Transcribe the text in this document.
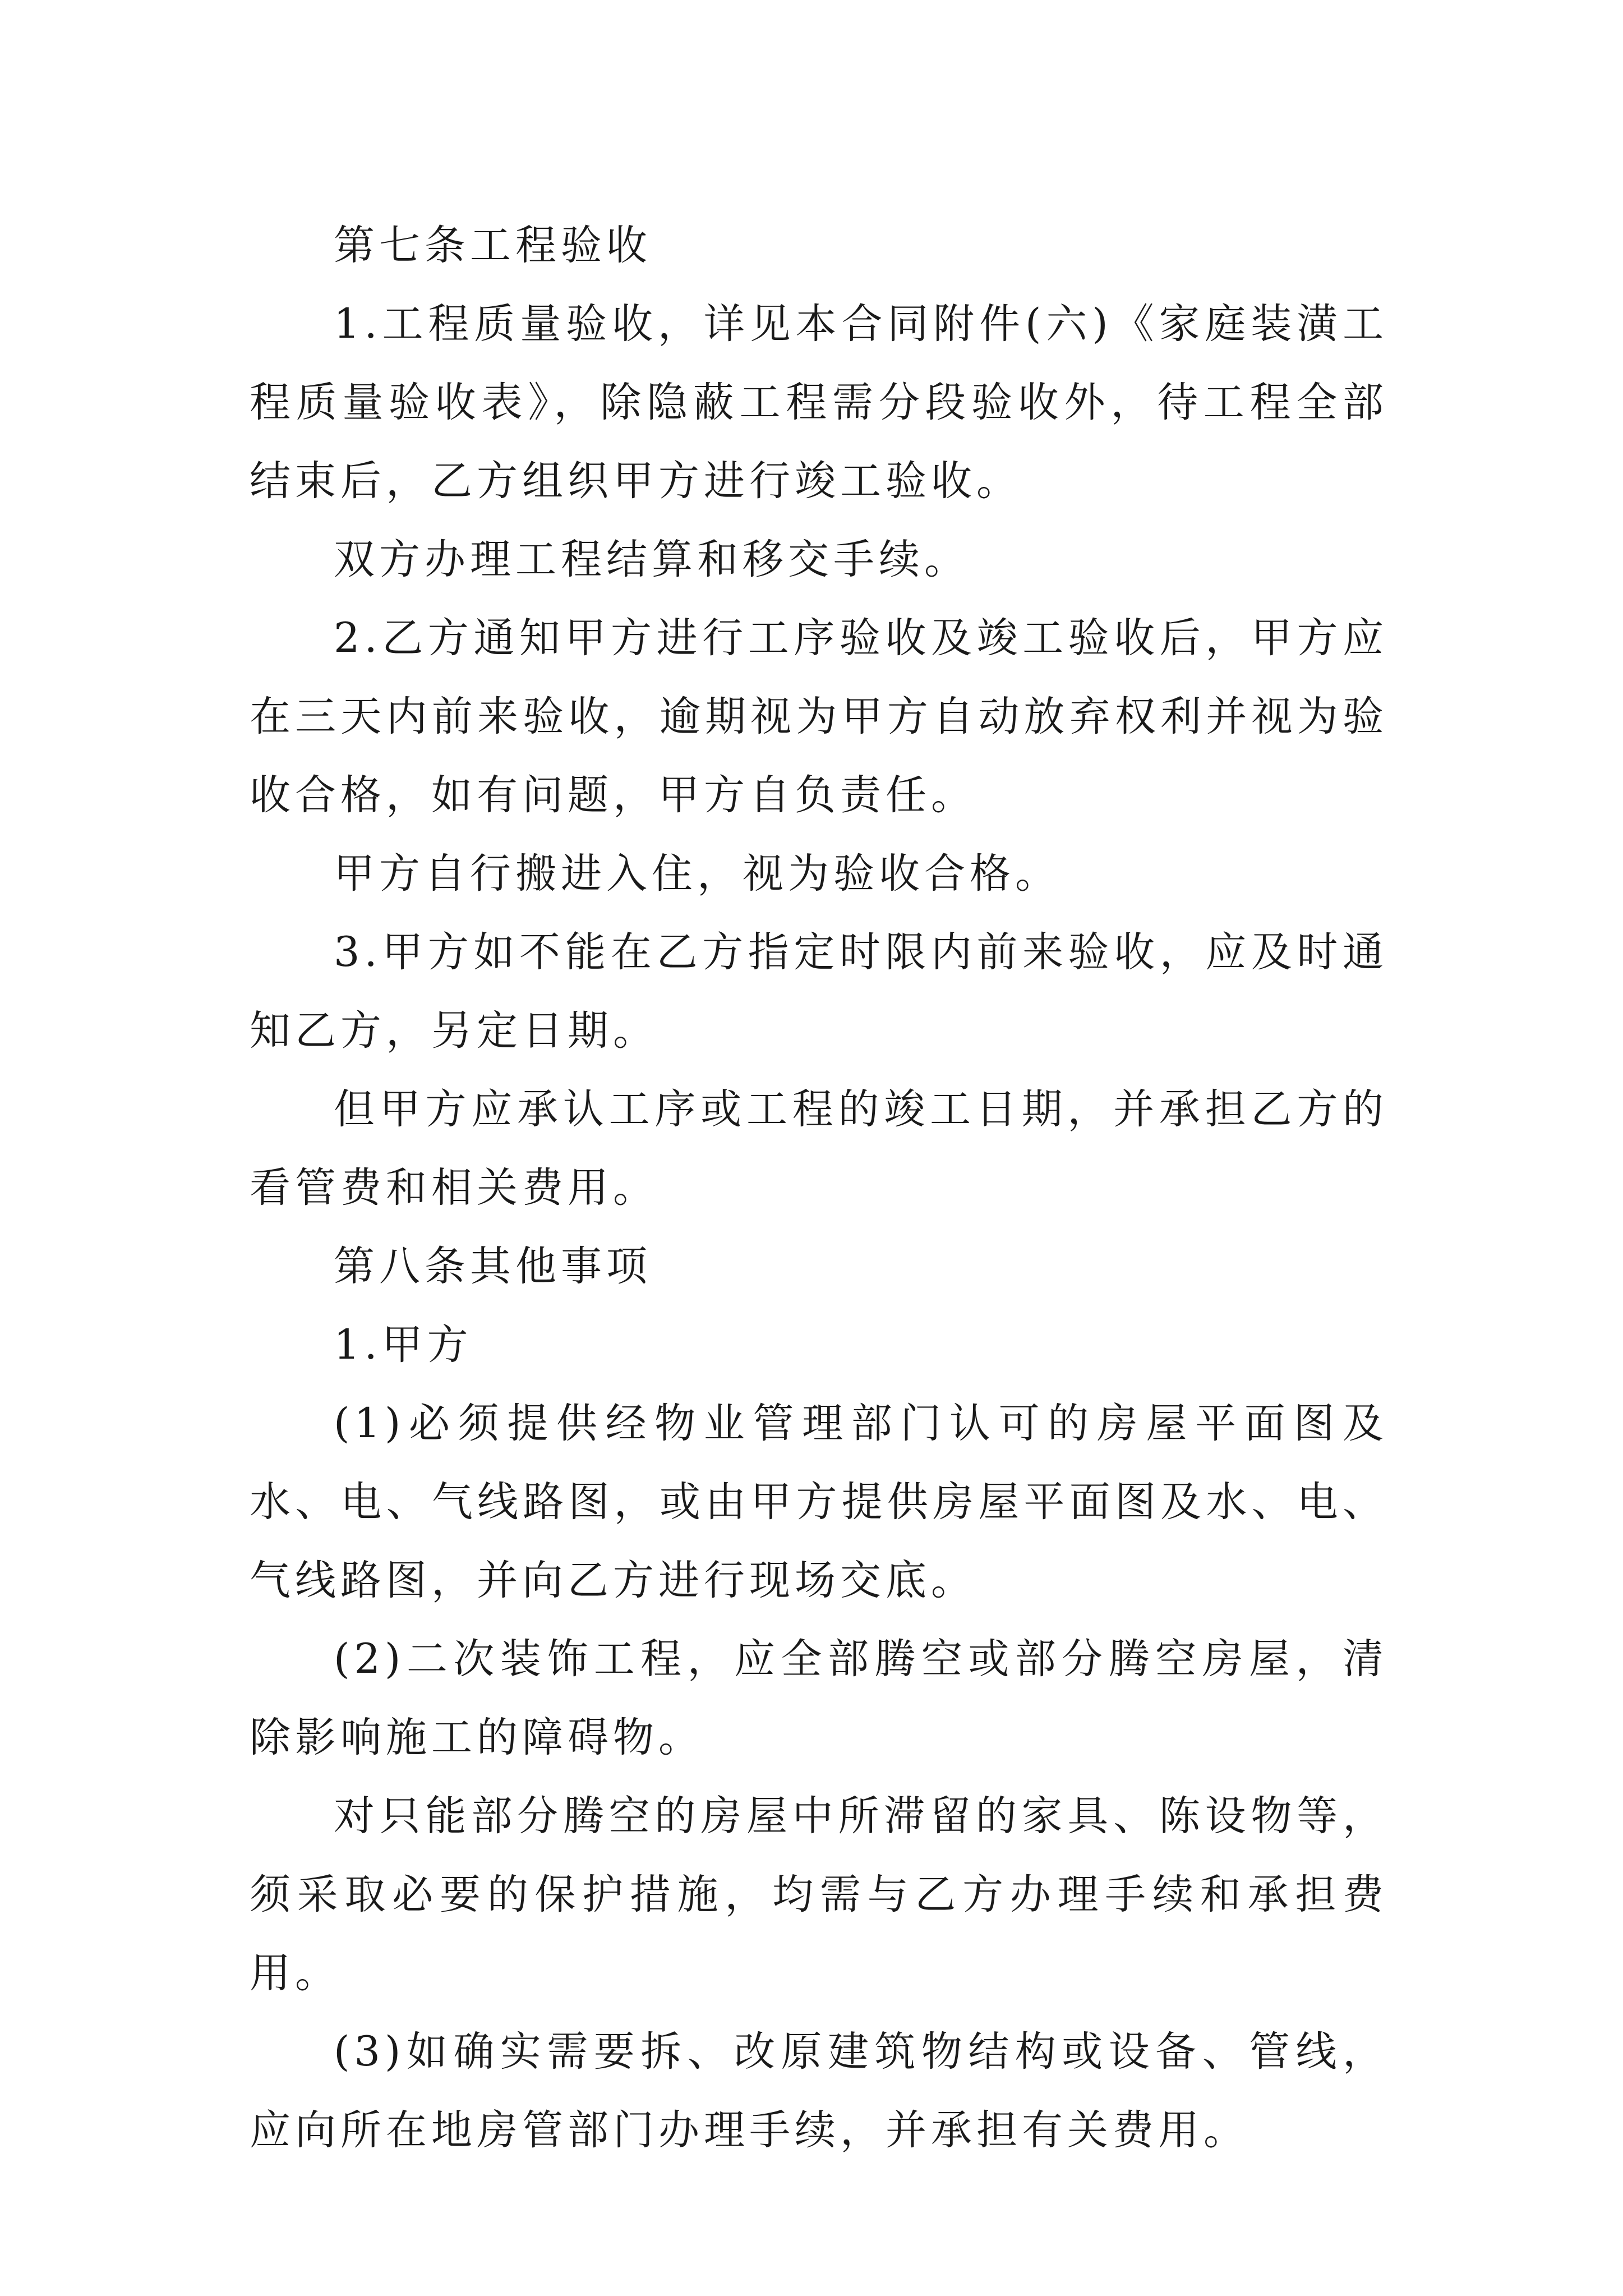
第七条工程验收

1.工程质量验收，详见本合同附件(六)《家庭装潢工程质量验收表》，除隐蔽工程需分段验收外，待工程全部结束后，乙方组织甲方进行竣工验收。

双方办理工程结算和移交手续。

2.乙方通知甲方进行工序验收及竣工验收后，甲方应在三天内前来验收，逾期视为甲方自动放弃权利并视为验收合格，如有问题，甲方自负责任。

甲方自行搬进入住，视为验收合格。

3.甲方如不能在乙方指定时限内前来验收，应及时通知乙方，另定日期。

但甲方应承认工序或工程的竣工日期，并承担乙方的看管费和相关费用。

第八条其他事项

1.甲方

(1)必须提供经物业管理部门认可的房屋平面图及水、电、气线路图，或由甲方提供房屋平面图及水、电、气线路图，并向乙方进行现场交底。

(2)二次装饰工程，应全部腾空或部分腾空房屋，清除影响施工的障碍物。

对只能部分腾空的房屋中所滞留的家具、陈设物等，须采取必要的保护措施，均需与乙方办理手续和承担费用。

(3)如确实需要拆、改原建筑物结构或设备、管线，应向所在地房管部门办理手续，并承担有关费用。
